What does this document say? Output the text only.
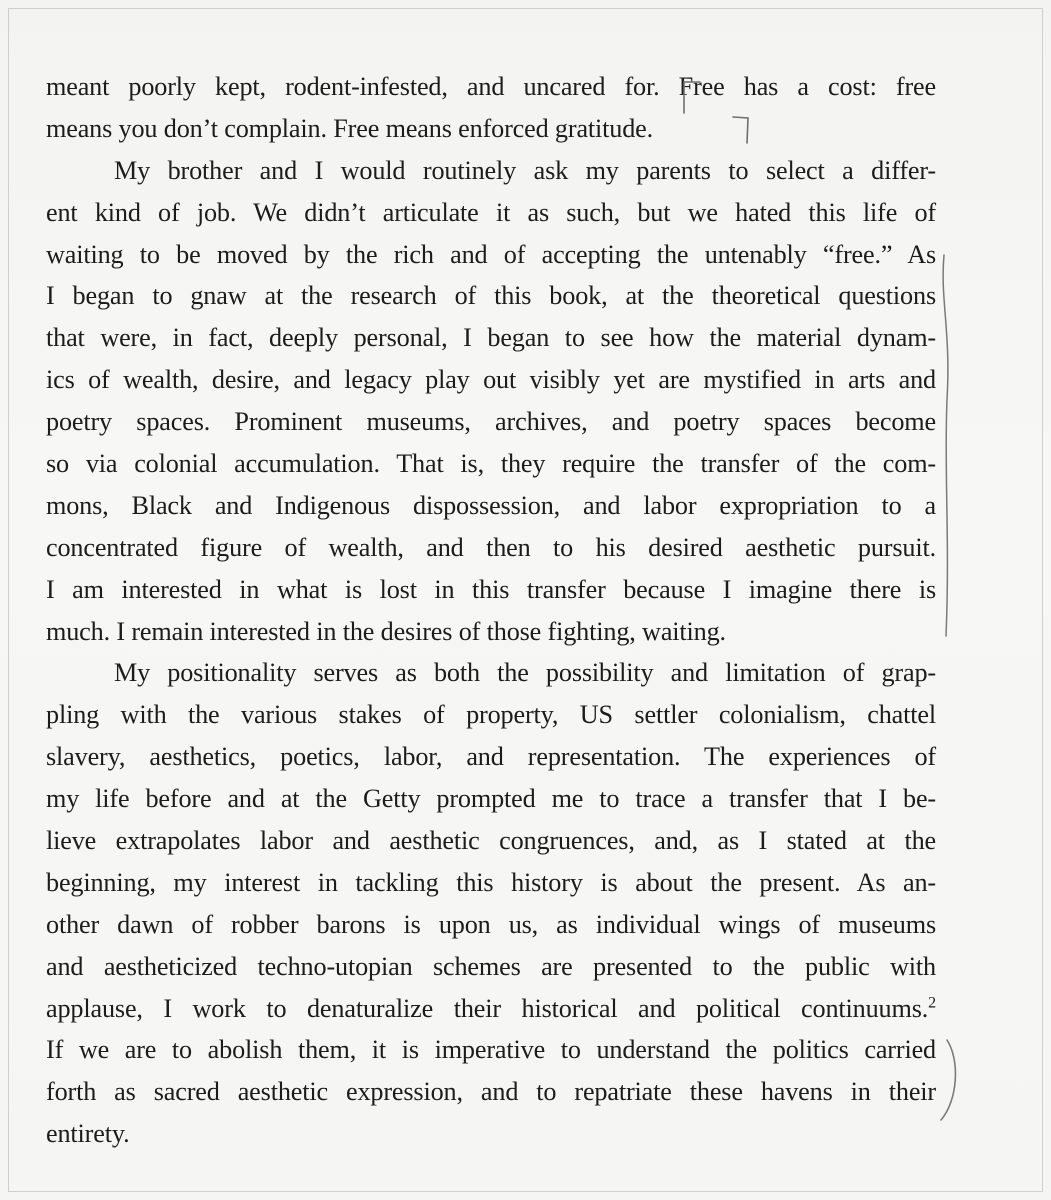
meant poorly kept, rodent-infested, and uncared for. Free has a cost: free
means you don’t complain. Free means enforced gratitude.
My brother and I would routinely ask my parents to select a differ-
ent kind of job. We didn’t articulate it as such, but we hated this life of
waiting to be moved by the rich and of accepting the untenably “free.” As
I began to gnaw at the research of this book, at the theoretical questions
that were, in fact, deeply personal, I began to see how the material dynam-
ics of wealth, desire, and legacy play out visibly yet are mystified in arts and
poetry spaces. Prominent museums, archives, and poetry spaces become
so via colonial accumulation. That is, they require the transfer of the com-
mons, Black and Indigenous dispossession, and labor expropriation to a
concentrated figure of wealth, and then to his desired aesthetic pursuit.
I am interested in what is lost in this transfer because I imagine there is
much. I remain interested in the desires of those fighting, waiting.
My positionality serves as both the possibility and limitation of grap-
pling with the various stakes of property, US settler colonialism, chattel
slavery, aesthetics, poetics, labor, and representation. The experiences of
my life before and at the Getty prompted me to trace a transfer that I be-
lieve extrapolates labor and aesthetic congruences, and, as I stated at the
beginning, my interest in tackling this history is about the present. As an-
other dawn of robber barons is upon us, as individual wings of museums
and aestheticized techno-utopian schemes are presented to the public with
applause, I work to denaturalize their historical and political continuums.$^2$
If we are to abolish them, it is imperative to understand the politics carried
forth as sacred aesthetic expression, and to repatriate these havens in their
entirety.
